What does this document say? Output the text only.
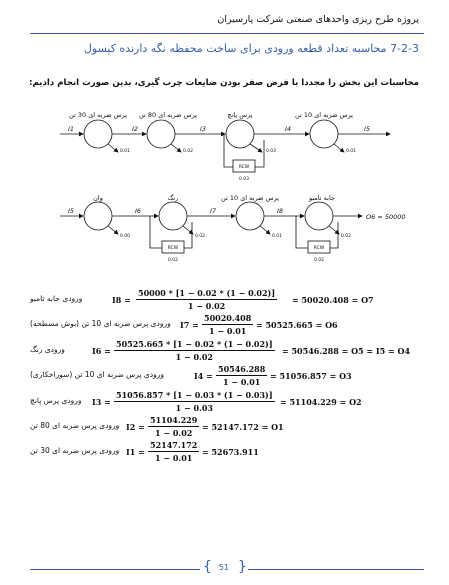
پروژه طرح ریزی واحدهای صنعتی شرکت پارسیران
7-2-3 محاسبه تعداد قطعه ورودی برای ساخت محفظه نگه دارنده کپسول
محاسبات این بخش را مجددا با فرض صفر بودن ضایعات چرب گیری، بدین صورت انجام دادیم:
پرس ضربه ای 30 تن پرس ضربه ای 80 تن	پرس پانچ	پرس ضربه ای 10 تن
I1	I2	I3	I4	I5
0.01	0.02	0.03	0.01
RCW
0.03
جابه تامبو
پرس ضربه ای 10 تن
رنگ
وان
I5	I6	I7	I8
O6 = 50000
0.00	0.02	0.01	0.02
RCW	RCW
0.02	0.02
ورودی جابه تامبو	$I8 = \frac{50000 * [1 - 0.02 * (1 - 0.02)]}{1 - 0.02} = 50020.408 = O7$
ورودی پرس ضربه ای 10 تن (بوش مسطحه) $I7 = \frac{50020.408}{1 - 0.01} = 50525.665 = O6$
ورودی رنگ	$I6 = \frac{50525.665 * [1 - 0.02 * (1 - 0.02)]}{1 - 0.02} = 50546.288 = O5 = I5 = O4$
ورودی پرس ضربه ای 10 تن (سوراخکاری)	$I4 = \frac{50546.288}{1 - 0.01} = 51056.857 = O3$
ورودی پرس پانچ $I3 = \frac{51056.857 * [1 - 0.03 * (1 - 0.03)]}{1 - 0.03} = 51104.229 = O2$
ورودی پرس ضربه ای 80 تن $I2 = \frac{51104.229}{1 - 0.02} = 52147.172 = O1$
ورودی پرس ضربه ای 30 تن $I1 = \frac{52147.172}{1 - 0.01} = 52673.911$
{ }
51
